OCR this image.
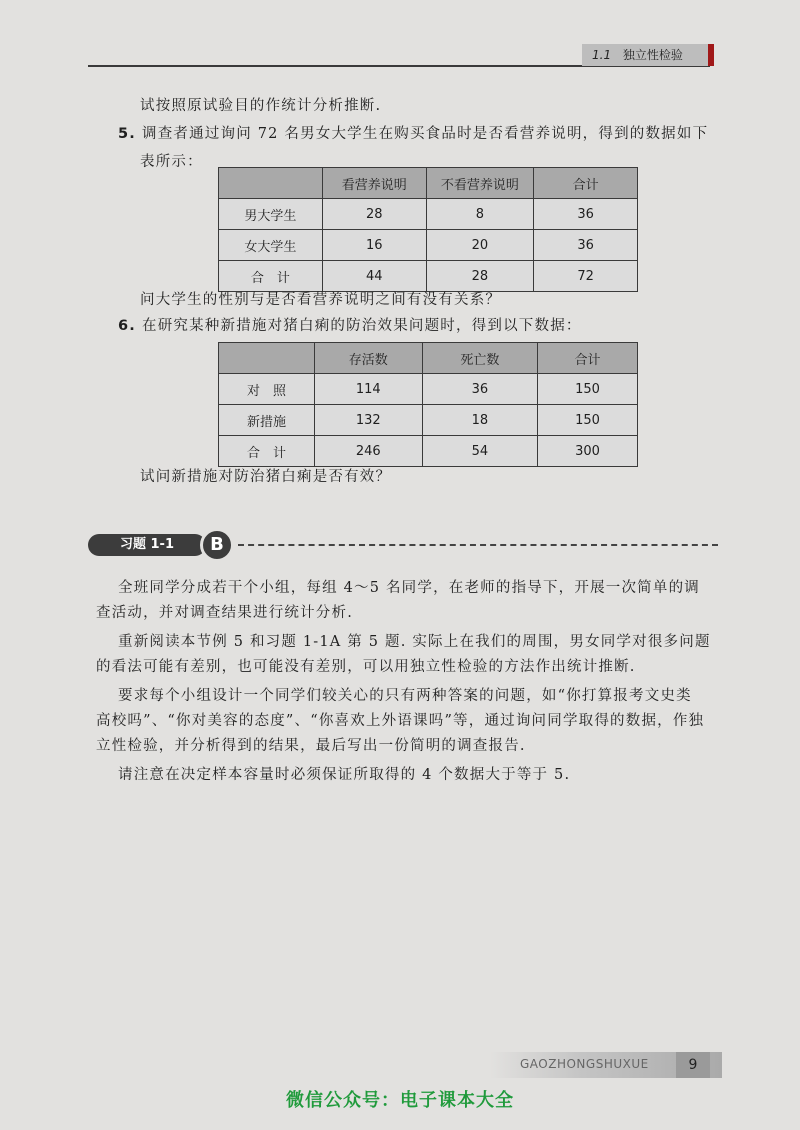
1.1 独立性检验
试按照原试验目的作统计分析推断.
5. 调查者通过询问 72 名男女大学生在购买食品时是否看营养说明，得到的数据如下
表所示：
	看营养说明	不看营养说明	合计
男大学生	28	8	36
女大学生	16	20	36
合　计	44	28	72
问大学生的性别与是否看营养说明之间有没有关系？
6. 在研究某种新措施对猪白痢的防治效果问题时，得到以下数据：
	存活数	死亡数	合计
对　照	114	36	150
新措施	132	18	150
合　计	246	54	300
试问新措施对防治猪白痢是否有效？
习题 1-1	B
全班同学分成若干个小组，每组 4～5 名同学，在老师的指导下，开展一次简单的调
查活动，并对调查结果进行统计分析.
重新阅读本节例 5 和习题 1-1A 第 5 题. 实际上在我们的周围，男女同学对很多问题
的看法可能有差别，也可能没有差别，可以用独立性检验的方法作出统计推断.
要求每个小组设计一个同学们较关心的只有两种答案的问题，如“你打算报考文史类
高校吗”、“你对美容的态度”、“你喜欢上外语课吗”等，通过询问同学取得的数据，作独
立性检验，并分析得到的结果，最后写出一份简明的调查报告.
请注意在决定样本容量时必须保证所取得的 4 个数据大于等于 5.
GAOZHONGSHUXUE	9
微信公众号：电子课本大全
